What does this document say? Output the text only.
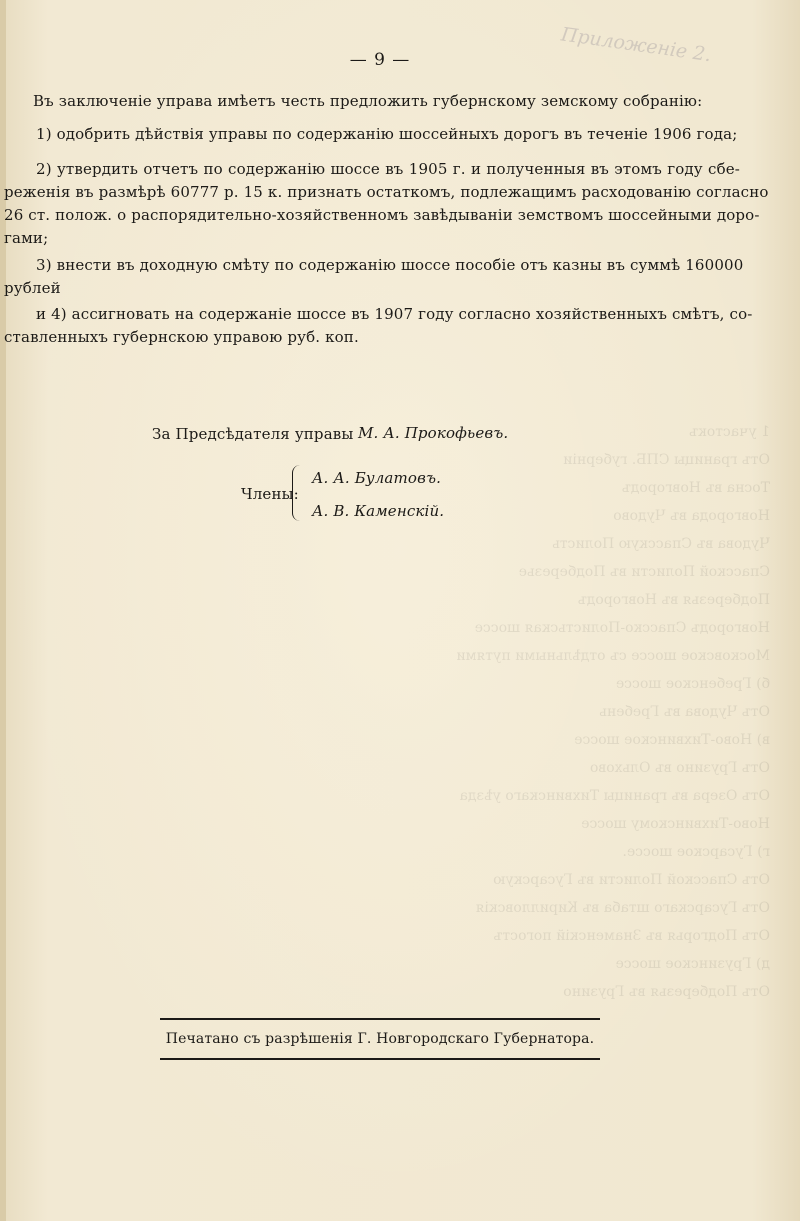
1 участокъ
Отъ границы СПБ. губерніи
Тосна въ Новгородъ
Новгорода въ Чудово
Чудова въ Спасскую Полисть
Спасской Полисти въ Подберезье
Подберезья въ Новгородъ
Новгородъ Спасско-Полистьская шоссе
Московское шоссе съ отдѣльными путями
б) Гребенское шоссе
Отъ Чудова въ Гребень
в) Ново-Тихвинское шоссе
Отъ Грузино въ Ольхово
Отъ Озера въ границы Тихвинскаго уѣзда
Ново-Тихвинскому шоссе
г) Гусарское шоссе.
Отъ Спасской Полисти въ Гусарскую
Отъ Гусарскаго штаба въ Кирилловскія
Отъ Подгорья въ Знаменскій погостъ
д) Грузинское шоссе
Отъ Подберезья въ Грузино

— 9 —	Приложеніе 2.
Въ заключеніе управа имѣетъ честь предложить губернскому земскому собранію:
1) одобрить дѣйствія управы по содержанію шоссейныхъ дорогъ въ теченіе 1906 года;
2) утвердить отчетъ по содержанію шоссе въ 1905 г. и полученныя въ этомъ году сбе-
реженія въ размѣрѣ 60777 р. 15 к. признать остаткомъ, подлежащимъ расходованію согласно
26 ст. полож. о распорядительно-хозяйственномъ завѣдываніи земствомъ шоссейными доро-
гами;
3) внести въ доходную смѣту по содержанію шоссе пособіе отъ казны въ суммѣ 160000
рублей
и 4) ассигновать на содержаніе шоссе въ 1907 году согласно хозяйственныхъ смѣтъ, со-
ставленныхъ губернскою управою руб. коп.
За Предсѣдателя управы М. А. Прокофьевъ.
Члены:
А. А. Булатовъ.
А. В. Каменскій.
Печатано съ разрѣшенія Г. Новгородскаго Губернатора.
